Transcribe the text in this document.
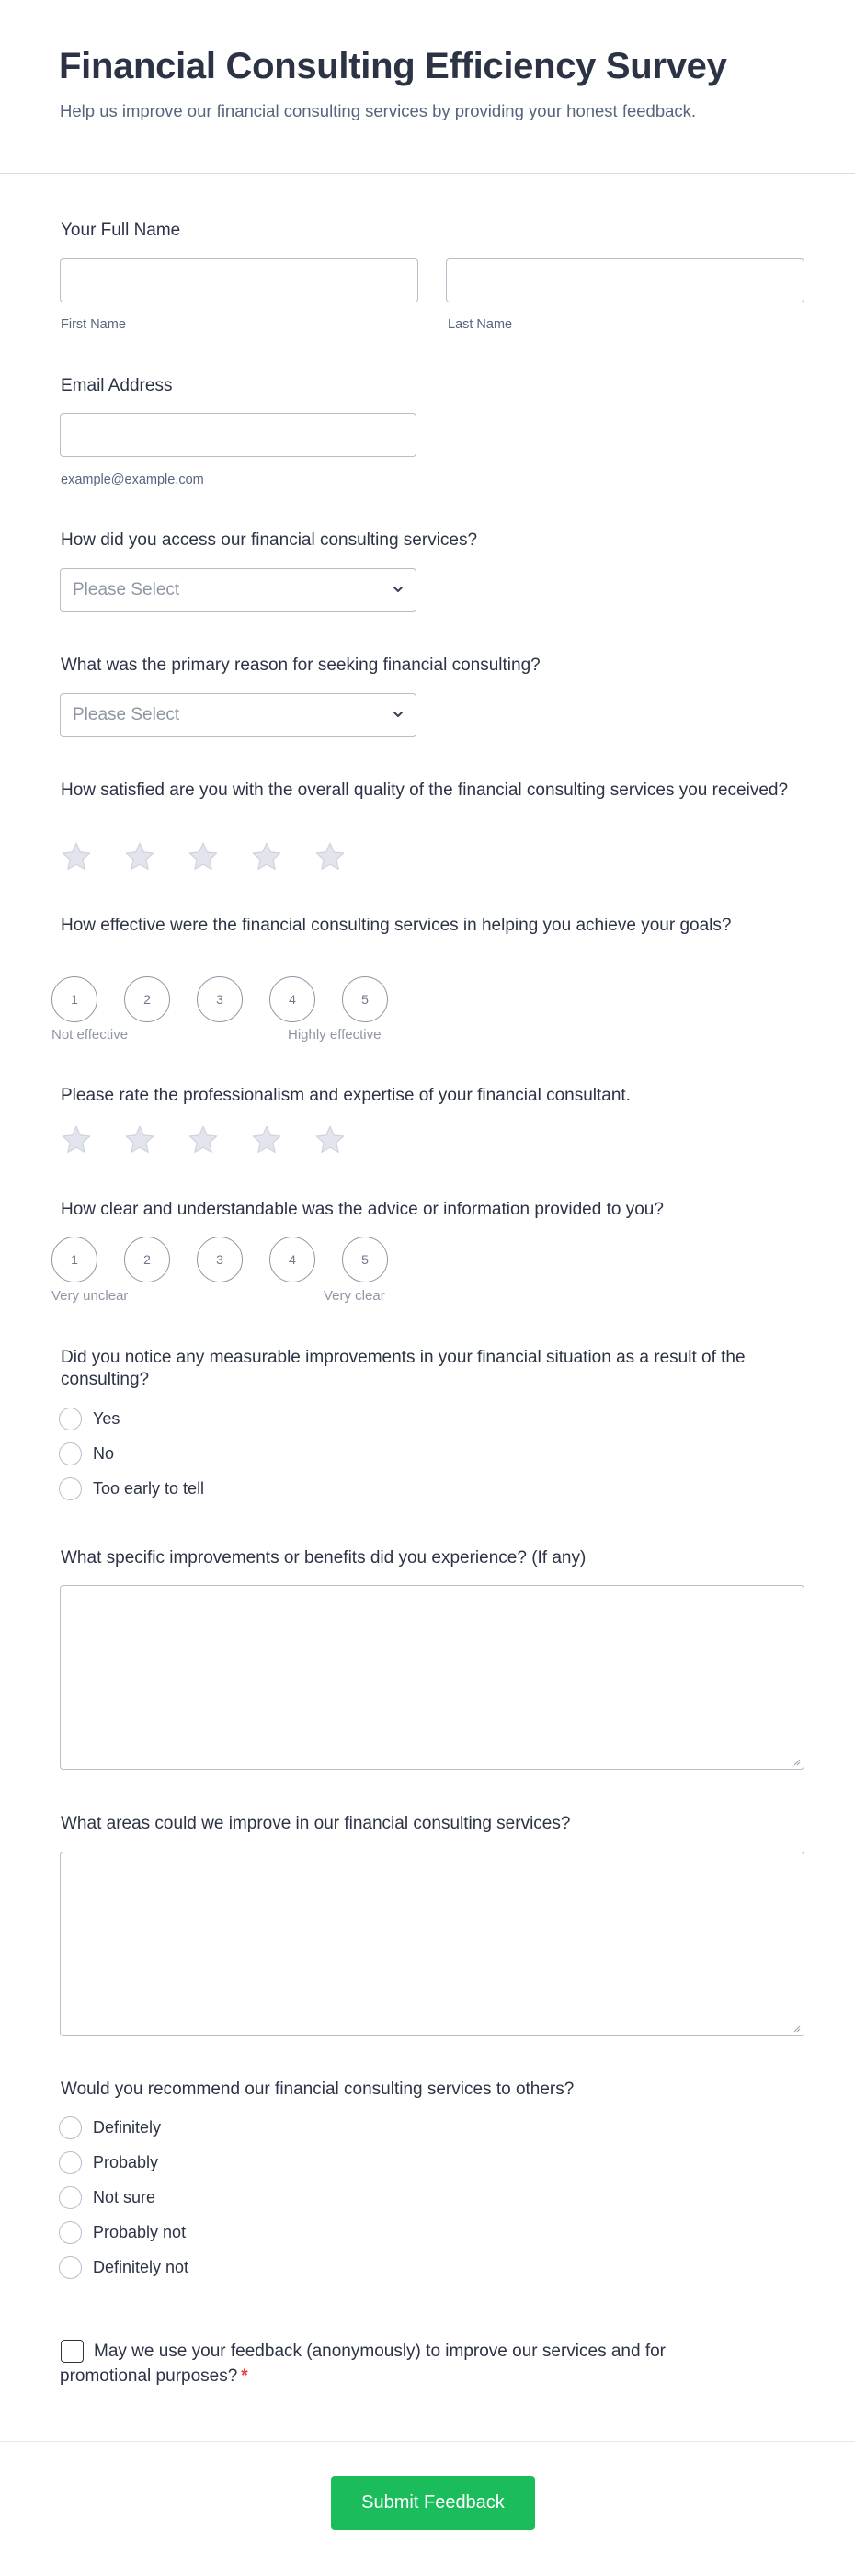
Financial Consulting Efficiency Survey
Help us improve our financial consulting services by providing your honest feedback.
Your Full Name
First Name	Last Name
Email Address
example@example.com
How did you access our financial consulting services?
Please Select
What was the primary reason for seeking financial consulting?
Please Select
How satisfied are you with the overall quality of the financial consulting services you received?
How effective were the financial consulting services in helping you achieve your goals?
1	2	3	4	5
Not effective	Highly effective
Please rate the professionalism and expertise of your financial consultant.
How clear and understandable was the advice or information provided to you?
1	2	3	4	5
Very unclear	Very clear
Did you notice any measurable improvements in your financial situation as a result of the consulting?
Yes
No
Too early to tell
What specific improvements or benefits did you experience? (If any)
What areas could we improve in our financial consulting services?
Would you recommend our financial consulting services to others?
Definitely
Probably
Not sure
Probably not
Definitely not
May we use your feedback (anonymously) to improve our services and for promotional purposes? *
Submit Feedback
